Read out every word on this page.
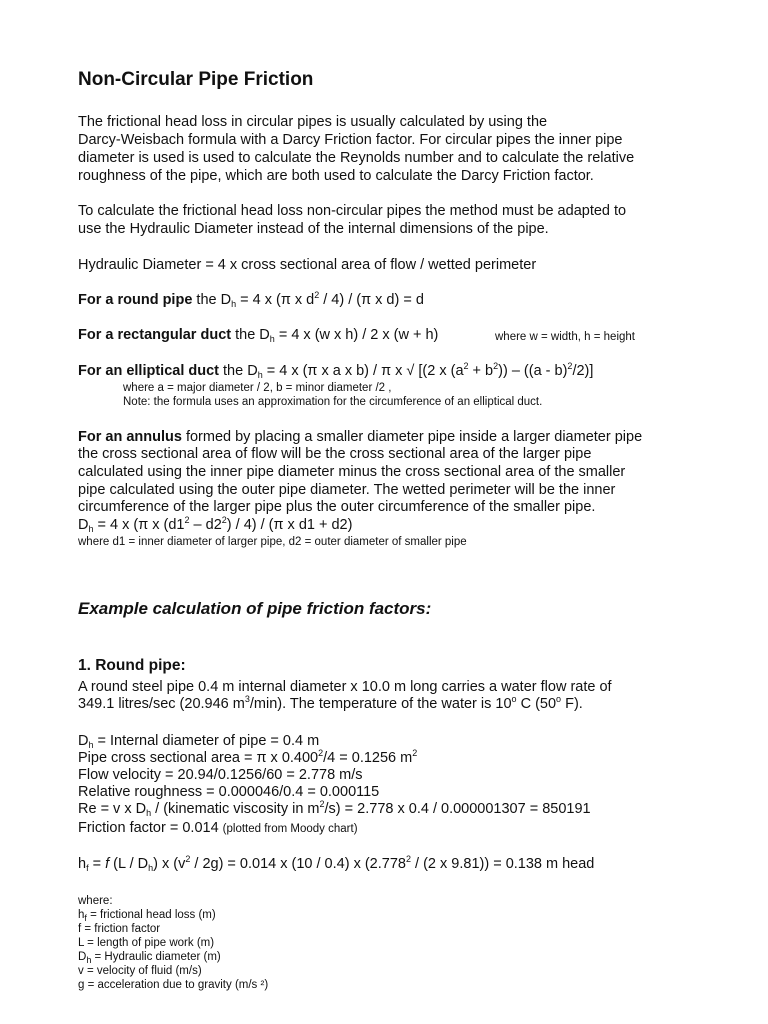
Non-Circular Pipe Friction
The frictional head loss in circular pipes is usually calculated by using the
Darcy-Weisbach formula with a Darcy Friction factor. For circular pipes the inner pipe
diameter is used is used to calculate the Reynolds number and to calculate the relative
roughness of the pipe, which are both used to calculate the Darcy Friction factor.
To calculate the frictional head loss non-circular pipes the method must be adapted to
use the Hydraulic Diameter instead of the internal dimensions of the pipe.
Hydraulic Diameter = 4 x cross sectional area of flow / wetted perimeter
For a round pipe the $D_h = 4$ x (π x $d^2 / 4) / (\pi$ x d) = d
For a rectangular duct the $D_h = 4$ x (w x h) / 2 x (w + h)	where w = width, h = height
For an elliptical duct the $D_h = 4$ x (π x a x b) / π x √ [(2 x $(a^2 + b^2)) - ((a - b)^2/2)$]
where a = major diameter / 2, b = minor diameter /2 ,
Note: the formula uses an approximation for the circumference of an elliptical duct.
For an annulus formed by placing a smaller diameter pipe inside a larger diameter pipe
the cross sectional area of flow will be the cross sectional area of the larger pipe
calculated using the inner pipe diameter minus the cross sectional area of the smaller
pipe calculated using the outer pipe diameter. The wetted perimeter will be the inner
circumference of the larger pipe plus the outer circumference of the smaller pipe.
$D_h = 4$ x (π x $(d1^2 - d2^2) / 4) / (\pi$ x d1 + d2)
where d1 = inner diameter of larger pipe, d2 = outer diameter of smaller pipe
Example calculation of pipe friction factors:
1. Round pipe:
A round steel pipe 0.4 m internal diameter x 10.0 m long carries a water flow rate of
349.1 litres/sec (20.946 $m^3/\min$). The temperature of the water is 10$^o$ C (50$^o$ F).
$D_h$ = Internal diameter of pipe = 0.4 m
Pipe cross sectional area = π x $0.400^2/4 = 0.1256$ $m^2$
Flow velocity = 20.94/0.1256/60 = 2.778 m/s
Relative roughness = 0.000046/0.4 = 0.000115
Re = v x $D_h$ / (kinematic viscosity in $m^2/s) = 2.778$ x 0.4 / 0.000001307 = 850191
Friction factor = 0.014 (plotted from Moody chart)
$h_f = f$ $(L / D_h)$ x $(v^2 / 2g) = 0.014$ x (10 / 0.4) x (2.778$^2$ / (2 x 9.81)) = 0.138 m head
where:
$h_f$ = frictional head loss (m)
f = friction factor
L = length of pipe work (m)
$D_h$ = Hydraulic diameter (m)
v = velocity of fluid (m/s)
g = acceleration due to gravity (m/s ²)
